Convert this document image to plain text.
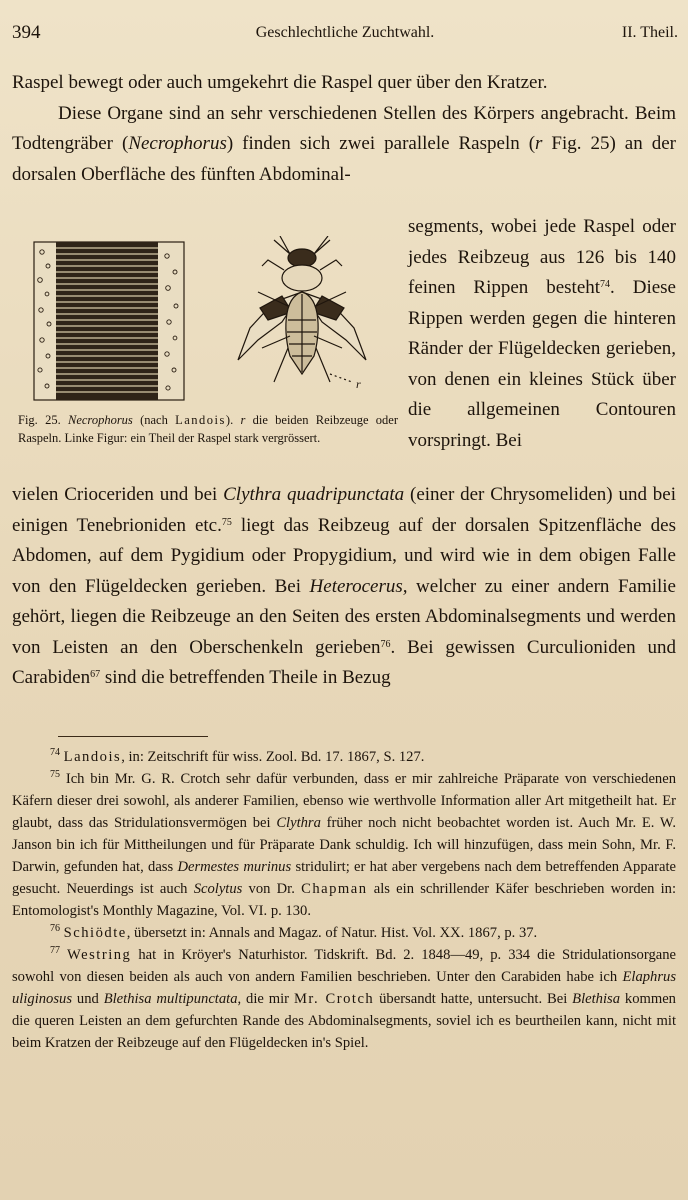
394	Geschlechtliche Zuchtwahl.	II. Theil.

Raspel bewegt oder auch umgekehrt die Raspel quer über den Kratzer.

Diese Organe sind an sehr verschiedenen Stellen des Körpers angebracht. Beim Todtengräber (Necrophorus) finden sich zwei parallele Raspeln (r Fig. 25) an der dorsalen Oberfläche des fünften Abdominal-

r
Fig. 25. Necrophorus (nach Landois). r die beiden Reibzeuge oder Raspeln. Linke Figur: ein Theil der Raspel stark vergrössert.
segments, wobei jede Raspel oder jedes Reibzeug aus 126 bis 140 feinen Rippen besteht$^{74}$. Diese Rippen werden gegen die hinteren Ränder der Flügeldecken gerieben, von denen ein kleines Stück über die allgemeinen Contouren vorspringt. Bei

vielen Crioceriden und bei Clythra quadripunctata (einer der Chrysomeliden) und bei einigen Tenebrioniden etc.$^{75}$ liegt das Reibzeug auf der dorsalen Spitzenfläche des Abdomen, auf dem Pygidium oder Propygidium, und wird wie in dem obigen Falle von den Flügeldecken gerieben. Bei Heterocerus, welcher zu einer andern Familie gehört, liegen die Reibzeuge an den Seiten des ersten Abdominalsegments und werden von Leisten an den Oberschenkeln gerieben$^{76}$. Bei gewissen Curculioniden und Carabiden$^{67}$ sind die betreffenden Theile in Bezug

$^{74}$ Landois, in: Zeitschrift für wiss. Zool. Bd. 17. 1867, S. 127.

$^{75}$ Ich bin Mr. G. R. Crotch sehr dafür verbunden, dass er mir zahlreiche Präparate von verschiedenen Käfern dieser drei sowohl, als anderer Familien, ebenso wie werthvolle Information aller Art mitgetheilt hat. Er glaubt, dass das Stridulationsvermögen bei Clythra früher noch nicht beobachtet worden ist. Auch Mr. E. W. Janson bin ich für Mittheilungen und für Präparate Dank schuldig. Ich will hinzufügen, dass mein Sohn, Mr. F. Darwin, gefunden hat, dass Dermestes murinus stridulirt; er hat aber vergebens nach dem betreffenden Apparate gesucht. Neuerdings ist auch Scolytus von Dr. Chapman als ein schrillender Käfer beschrieben worden in: Entomologist's Monthly Magazine, Vol. VI. p. 130.

$^{76}$ Schiödte, übersetzt in: Annals and Magaz. of Natur. Hist. Vol. XX. 1867, p. 37.

$^{77}$ Westring hat in Kröyer's Naturhistor. Tidskrift. Bd. 2. 1848—49, p. 334 die Stridulationsorgane sowohl von diesen beiden als auch von andern Familien beschrieben. Unter den Carabiden habe ich Elaphrus uliginosus und Blethisa multipunctata, die mir Mr. Crotch übersandt hatte, untersucht. Bei Blethisa kommen die queren Leisten an dem gefurchten Rande des Abdominalsegments, soviel ich es beurtheilen kann, nicht mit beim Kratzen der Reibzeuge auf den Flügeldecken in's Spiel.
